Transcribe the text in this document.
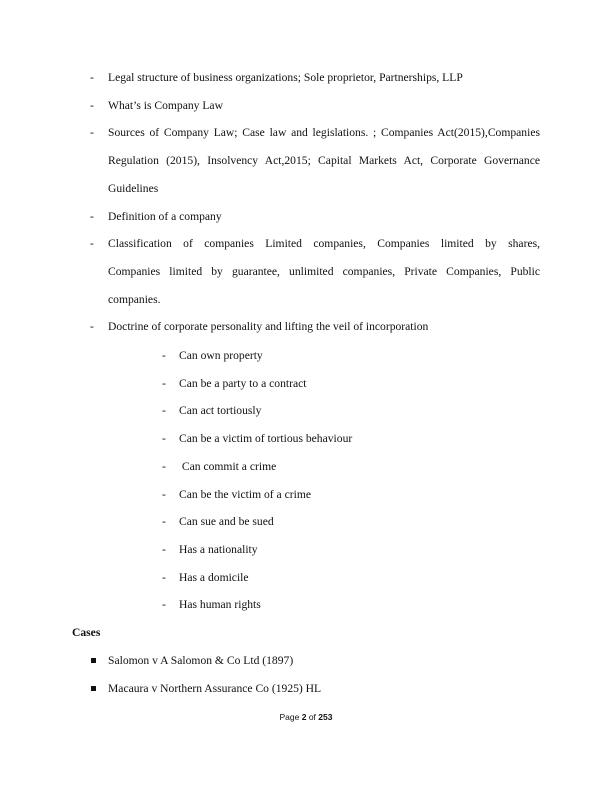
- Legal structure of business organizations; Sole proprietor, Partnerships, LLP
- What’s is Company Law
- Sources of Company Law; Case law and legislations. ; Companies Act(2015),Companies
Regulation (2015), Insolvency Act,2015; Capital Markets Act, Corporate Governance
Guidelines
- Definition of a company
- Classification of companies Limited companies, Companies limited by shares,
Companies limited by guarantee, unlimited companies, Private Companies, Public
companies.
- Doctrine of corporate personality and lifting the veil of incorporation
- Can own property
- Can be a party to a contract
- Can act tortiously
- Can be a victim of tortious behaviour
- Can commit a crime
- Can be the victim of a crime
- Can sue and be sued
- Has a nationality
- Has a domicile
- Has human rights
Cases
Salomon v A Salomon & Co Ltd (1897)
Macaura v Northern Assurance Co (1925) HL
Page 2 of 253
